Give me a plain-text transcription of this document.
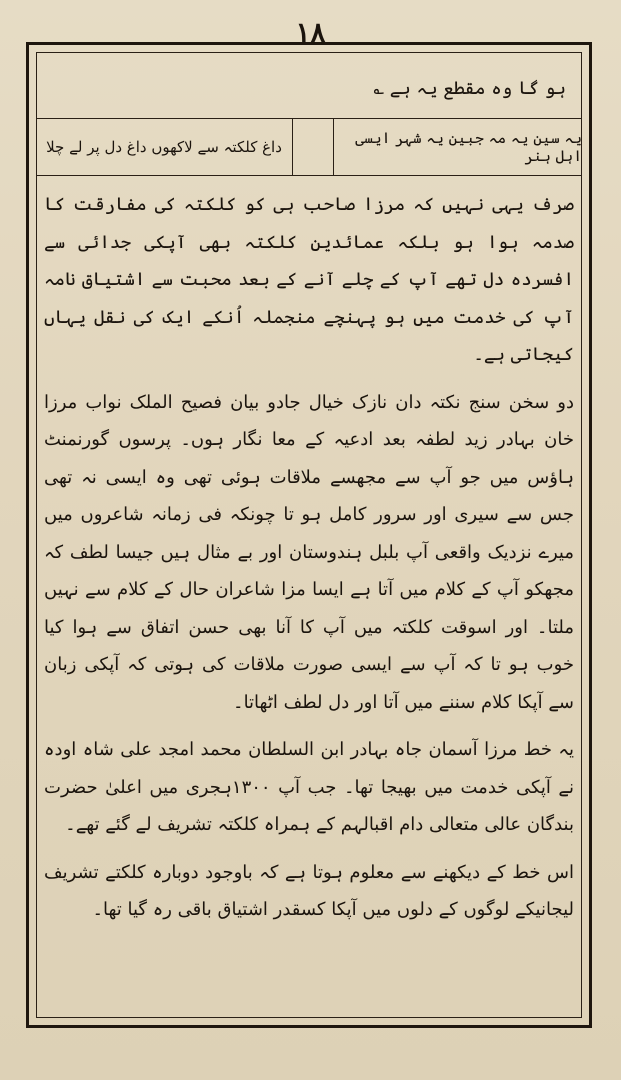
۱۸
ہو گا وہ مقطع یہ ہے ؎
یہ سین یہ مہ جبین یہ شہر ایسی اہل ہنر
داغ کلکتہ سے لاکھوں داغ دل پر لے چلا

صرف یہی نہیں کہ مرزا صاحب ہی کو کلکتہ کی مفارقت کا صدمہ ہوا ہو بلکہ عمائدین کلکتہ بھی آپکی جدائی سے افسردہ دل تھے آپ کے چلے آنے کے بعد محبت سے اشتیاق نامہ آپ کی خدمت میں ہو پہنچے منجملہ اُنکے ایک کی نقل یہاں کیجاتی ہے۔

دو سخن سنج نکتہ دان نازک خیال جادو بیان فصیح الملک نواب مرزا خان بہادر زید لطفہ بعد ادعیہ کے معا نگار ہوں۔ پرسوں گورنمنٹ ہاؤس میں جو آپ سے مجھسے ملاقات ہوئی تھی وہ ایسی نہ تھی جس سے سیری اور سرور کامل ہو تا چونکہ فی زمانہ شاعروں میں میرے نزدیک واقعی آپ بلبل ہندوستان اور بے مثال ہیں جیسا لطف کہ مجھکو آپ کے کلام میں آتا ہے ایسا مزا شاعران حال کے کلام سے نہیں ملتا۔ اور اسوقت کلکتہ میں آپ کا آنا بھی حسن اتفاق سے ہوا کیا خوب ہو تا کہ آپ سے ایسی صورت ملاقات کی ہوتی کہ آپکی زبان سے آپکا کلام سننے میں آتا اور دل لطف اٹھاتا۔

یہ خط مرزا آسمان جاہ بہادر ابن السلطان محمد امجد علی شاہ اودہ نے آپکی خدمت میں بھیجا تھا۔ جب آپ ۱۳۰۰ہجری میں اعلیٰ حضرت بندگان عالی متعالی دام اقبالہم کے ہمراہ کلکتہ تشریف لے گئے تھے۔

اس خط کے دیکھنے سے معلوم ہوتا ہے کہ باوجود دوبارہ کلکتے تشریف لیجانیکے لوگوں کے دلوں میں آپکا کسقدر اشتیاق باقی رہ گیا تھا۔
